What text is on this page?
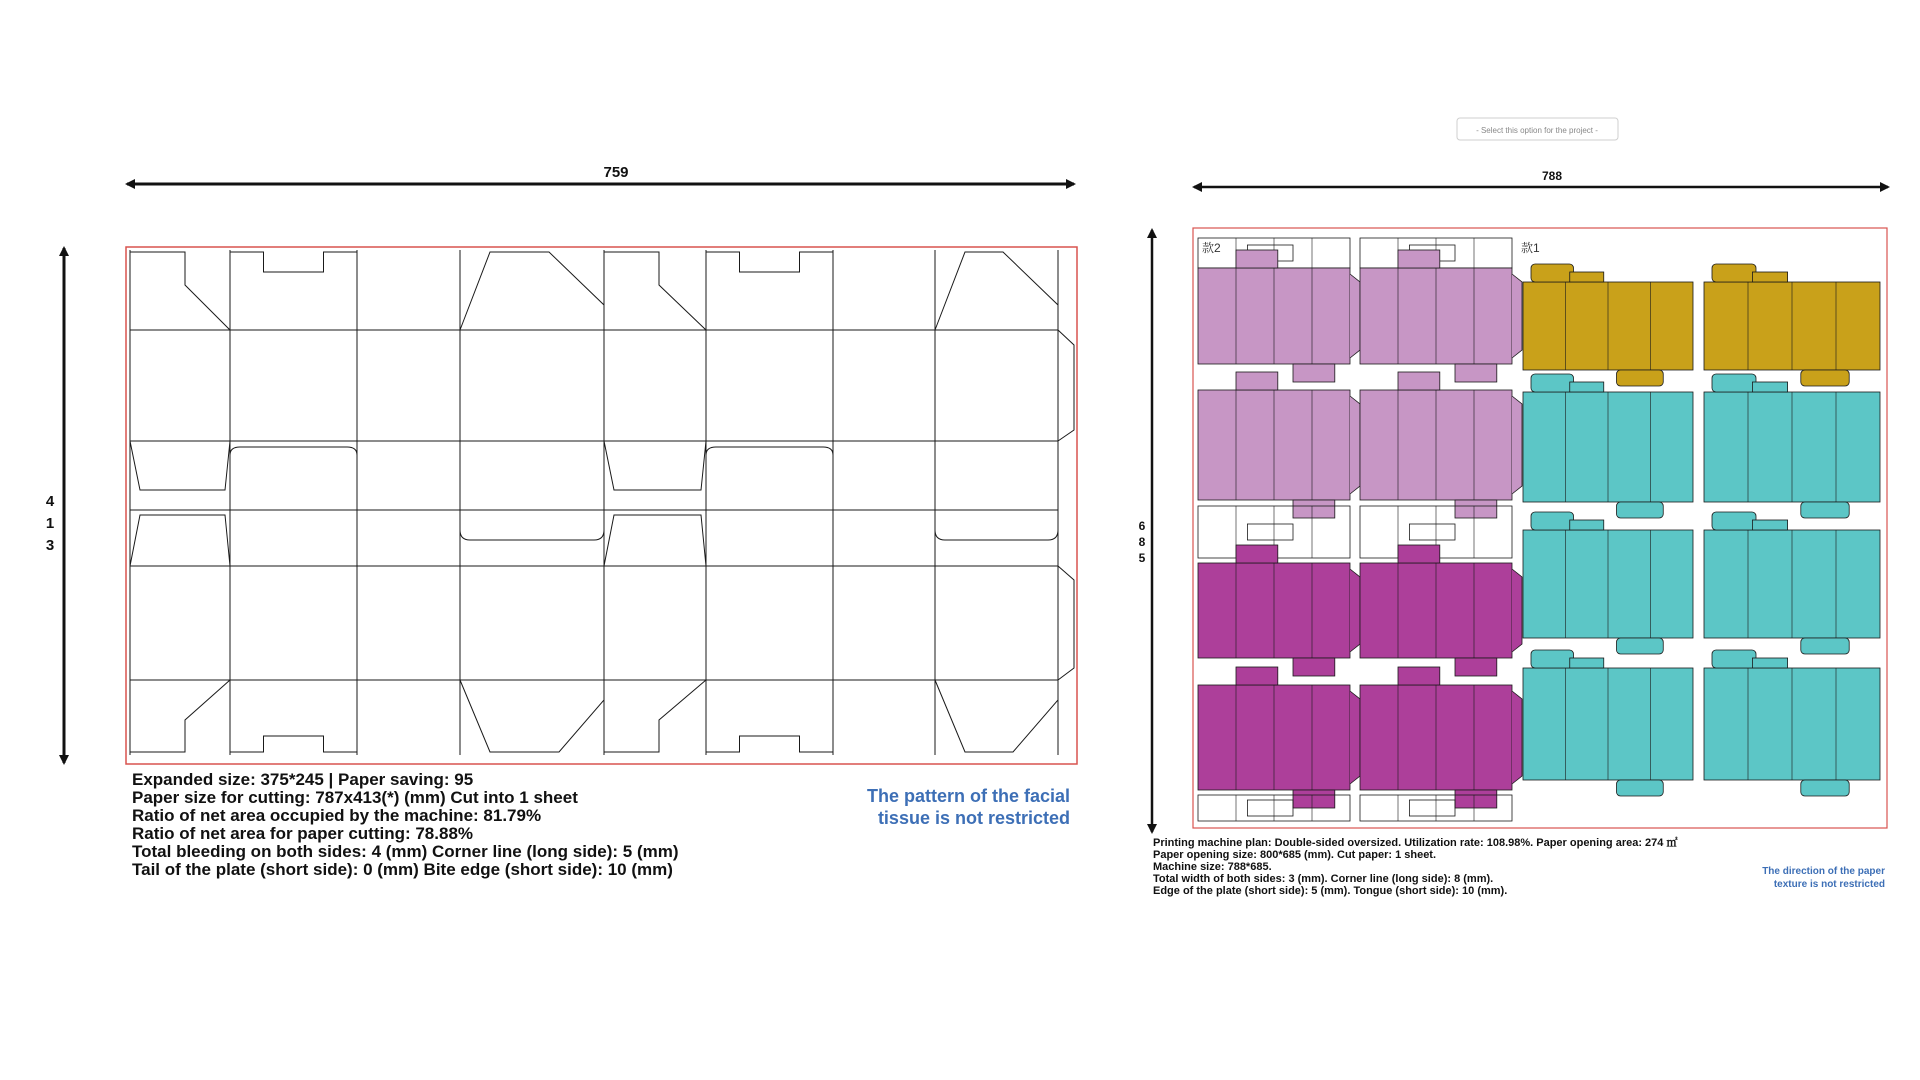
- Select this option for the project -
759
4
1
3
Expanded size: 375*245 | Paper saving: 95
Paper size for cutting: 787x413(*) (mm) Cut into 1 sheet
Ratio of net area occupied by the machine: 81.79%
Ratio of net area for paper cutting: 78.88%
Total bleeding on both sides: 4 (mm) Corner line (long side): 5 (mm)
Tail of the plate (short side): 0 (mm) Bite edge (short side): 10 (mm)
The pattern of the facial
tissue is not restricted
788
6
8
5
款2	款1
Printing machine plan: Double-sided oversized. Utilization rate: 108.98%. Paper opening area: 274 ㎡
Paper opening size: 800*685 (mm). Cut paper: 1 sheet.
Machine size: 788*685.
Total width of both sides: 3 (mm). Corner line (long side): 8 (mm).
Edge of the plate (short side): 5 (mm). Tongue (short side): 10 (mm).
The direction of the paper
texture is not restricted
